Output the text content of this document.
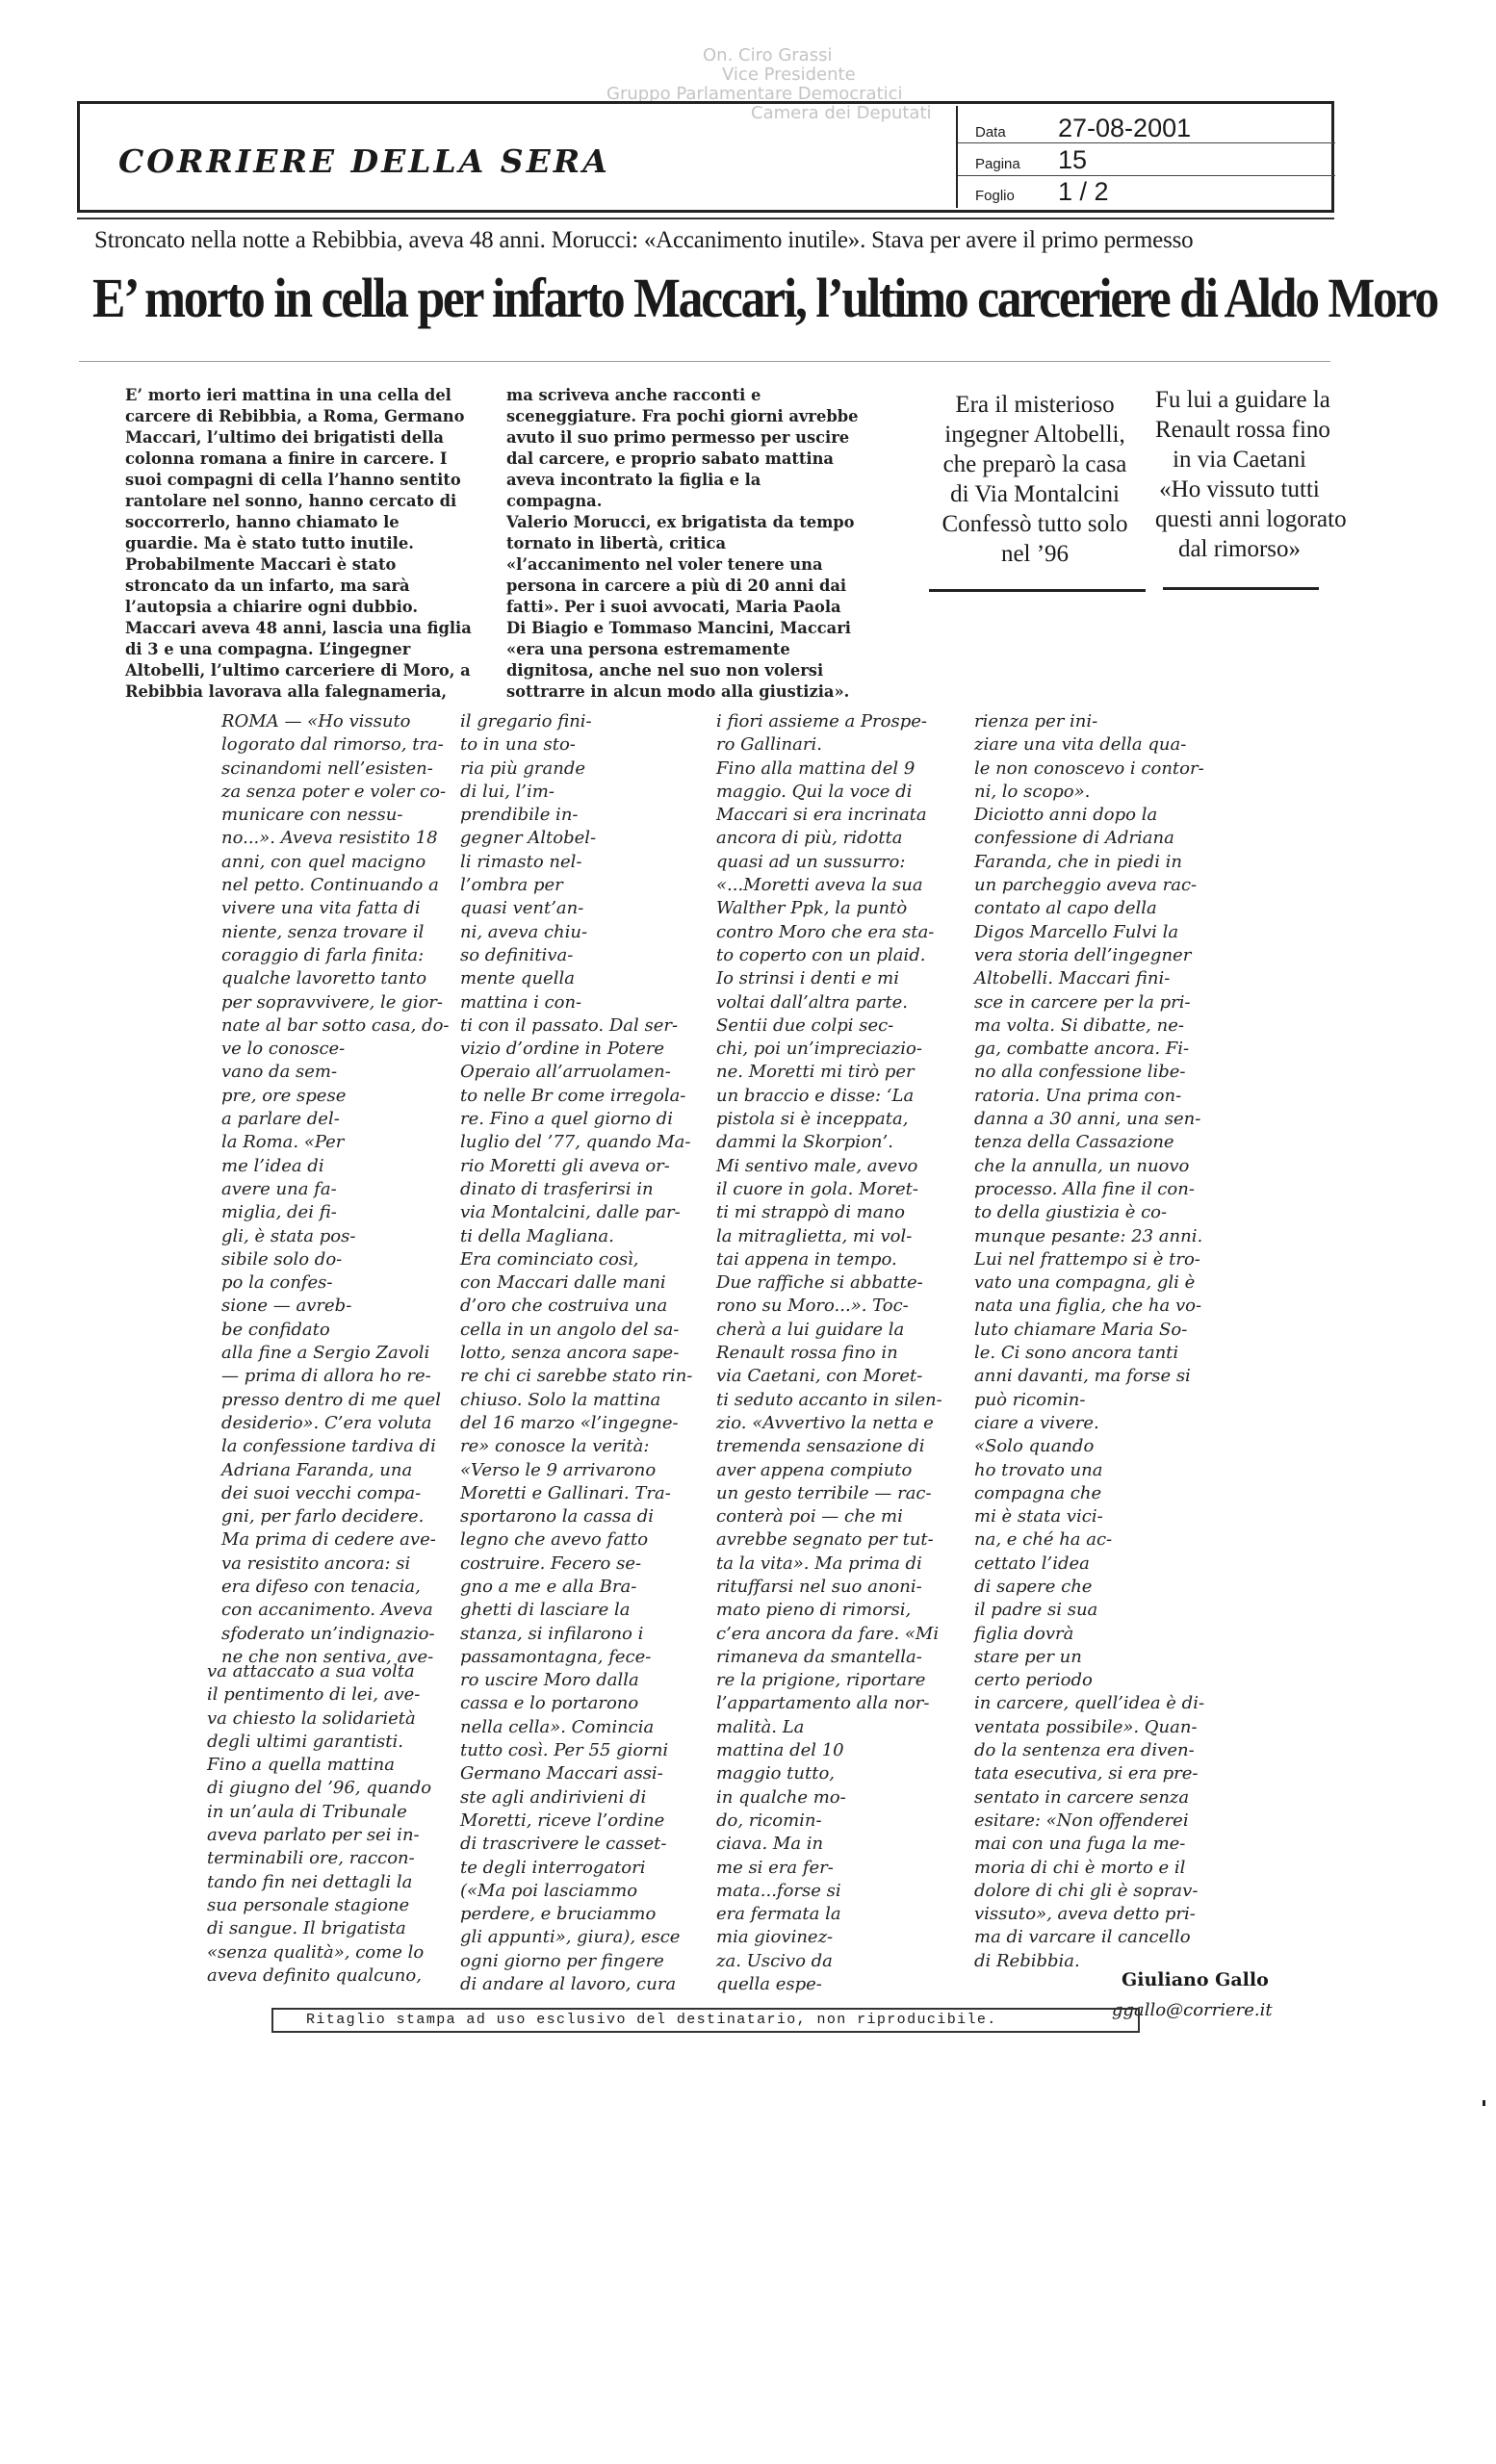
On. Ciro Grassi
Vice Presidente
Gruppo Parlamentare Democratici
Camera dei Deputati
CORRIERE DELLA SERA
Data	27-08-2001
Pagina	15
Foglio	1 / 2
Stroncato nella notte a Rebibbia, aveva 48 anni. Morucci: «Accanimento inutile». Stava per avere il primo permesso
E’ morto in cella per infarto Maccari, l’ultimo carceriere di Aldo Moro
E’ morto ieri mattina in una cella del
carcere di Rebibbia, a Roma, Germano
Maccari, l’ultimo dei brigatisti della
colonna romana a finire in carcere. I
suoi compagni di cella l’hanno sentito
rantolare nel sonno, hanno cercato di
soccorrerlo, hanno chiamato le
guardie. Ma è stato tutto inutile.
Probabilmente Maccari è stato
stroncato da un infarto, ma sarà
l’autopsia a chiarire ogni dubbio.
Maccari aveva 48 anni, lascia una figlia
di 3 e una compagna. L’ingegner
Altobelli, l’ultimo carceriere di Moro, a
Rebibbia lavorava alla falegnameria,
ma scriveva anche racconti e
sceneggiature. Fra pochi giorni avrebbe
avuto il suo primo permesso per uscire
dal carcere, e proprio sabato mattina
aveva incontrato la figlia e la
compagna.
Valerio Morucci, ex brigatista da tempo
tornato in libertà, critica
«l’accanimento nel voler tenere una
persona in carcere a più di 20 anni dai
fatti». Per i suoi avvocati, Maria Paola
Di Biagio e Tommaso Mancini, Maccari
«era una persona estremamente
dignitosa, anche nel suo non volersi
sottrarre in alcun modo alla giustizia».
Era il misterioso
ingegner Altobelli,
che preparò la casa
di Via Montalcini
Confessò tutto solo
nel ’96
Fu lui a guidare la
Renault rossa fino
in via Caetani
«Ho vissuto tutti
questi anni logorato
dal rimorso»
ROMA — «Ho vissuto
logorato dal rimorso, tra-
scinandomi nell’esisten-
za senza poter e voler co-
municare con nessu-
no...». Aveva resistito 18
anni, con quel macigno
nel petto. Continuando a
vivere una vita fatta di
niente, senza trovare il
coraggio di farla finita:
qualche lavoretto tanto
per sopravvivere, le gior-
nate al bar sotto casa, do-
ve lo conosce-
vano da sem-
pre, ore spese
a parlare del-
la Roma. «Per
me l’idea di
avere una fa-
miglia, dei fi-
gli, è stata pos-
sibile solo do-
po la confes-
sione — avreb-
be confidato
alla fine a Sergio Zavoli
— prima di allora ho re-
presso dentro di me quel
desiderio». C’era voluta
la confessione tardiva di
Adriana Faranda, una
dei suoi vecchi compa-
gni, per farlo decidere.
Ma prima di cedere ave-
va resistito ancora: si
era difeso con tenacia,
con accanimento. Aveva
sfoderato un’indignazio-
ne che non sentiva, ave-
va attaccato a sua volta
il pentimento di lei, ave-
va chiesto la solidarietà
degli ultimi garantisti.
Fino a quella mattina
di giugno del ’96, quando
in un’aula di Tribunale
aveva parlato per sei in-
terminabili ore, raccon-
tando fin nei dettagli la
sua personale stagione
di sangue. Il brigatista
«senza qualità», come lo
aveva definito qualcuno,
il gregario fini-
to in una sto-
ria più grande
di lui, l’im-
prendibile in-
gegner Altobel-
li rimasto nel-
l’ombra per
quasi vent’an-
ni, aveva chiu-
so definitiva-
mente quella
mattina i con-
ti con il passato. Dal ser-
vizio d’ordine in Potere
Operaio all’arruolamen-
to nelle Br come irregola-
re. Fino a quel giorno di
luglio del ’77, quando Ma-
rio Moretti gli aveva or-
dinato di trasferirsi in
via Montalcini, dalle par-
ti della Magliana.
Era cominciato così,
con Maccari dalle mani
d’oro che costruiva una
cella in un angolo del sa-
lotto, senza ancora sape-
re chi ci sarebbe stato rin-
chiuso. Solo la mattina
del 16 marzo «l’ingegne-
re» conosce la verità:
«Verso le 9 arrivarono
Moretti e Gallinari. Tra-
sportarono la cassa di
legno che avevo fatto
costruire. Fecero se-
gno a me e alla Bra-
ghetti di lasciare la
stanza, si infilarono i
passamontagna, fece-
ro uscire Moro dalla
cassa e lo portarono
nella cella». Comincia
tutto così. Per 55 giorni
Germano Maccari assi-
ste agli andirivieni di
Moretti, riceve l’ordine
di trascrivere le casset-
te degli interrogatori
(«Ma poi lasciammo
perdere, e bruciammo
gli appunti», giura), esce
ogni giorno per fingere
di andare al lavoro, cura
i fiori assieme a Prospe-
ro Gallinari.
Fino alla mattina del 9
maggio. Qui la voce di
Maccari si era incrinata
ancora di più, ridotta
quasi ad un sussurro:
«...Moretti aveva la sua
Walther Ppk, la puntò
contro Moro che era sta-
to coperto con un plaid.
Io strinsi i denti e mi
voltai dall’altra parte.
Sentii due colpi sec-
chi, poi un’impreciazio-
ne. Moretti mi tirò per
un braccio e disse: ‘La
pistola si è inceppata,
dammi la Skorpion’.
Mi sentivo male, avevo
il cuore in gola. Moret-
ti mi strappò di mano
la mitraglietta, mi vol-
tai appena in tempo.
Due raffiche si abbatte-
rono su Moro...». Toc-
cherà a lui guidare la
Renault rossa fino in
via Caetani, con Moret-
ti seduto accanto in silen-
zio. «Avvertivo la netta e
tremenda sensazione di
aver appena compiuto
un gesto terribile — rac-
conterà poi — che mi
avrebbe segnato per tut-
ta la vita». Ma prima di
rituffarsi nel suo anoni-
mato pieno di rimorsi,
c’era ancora da fare. «Mi
rimaneva da smantella-
re la prigione, riportare
l’appartamento alla nor-
malità. La
mattina del 10
maggio tutto,
in qualche mo-
do, ricomin-
ciava. Ma in
me si era fer-
mata...forse si
era fermata la
mia giovinez-
za. Uscivo da
quella espe-
rienza per ini-
ziare una vita della qua-
le non conoscevo i contor-
ni, lo scopo».
Diciotto anni dopo la
confessione di Adriana
Faranda, che in piedi in
un parcheggio aveva rac-
contato al capo della
Digos Marcello Fulvi la
vera storia dell’ingegner
Altobelli. Maccari fini-
sce in carcere per la pri-
ma volta. Si dibatte, ne-
ga, combatte ancora. Fi-
no alla confessione libe-
ratoria. Una prima con-
danna a 30 anni, una sen-
tenza della Cassazione
che la annulla, un nuovo
processo. Alla fine il con-
to della giustizia è co-
munque pesante: 23 anni.
Lui nel frattempo si è tro-
vato una compagna, gli è
nata una figlia, che ha vo-
luto chiamare Maria So-
le. Ci sono ancora tanti
anni davanti, ma forse si
può ricomin-
ciare a vivere.
«Solo quando
ho trovato una
compagna che
mi è stata vici-
na, e ché ha ac-
cettato l’idea
di sapere che
il padre si sua
figlia dovrà
stare per un
certo periodo
in carcere, quell’idea è di-
ventata possibile». Quan-
do la sentenza era diven-
tata esecutiva, si era pre-
sentato in carcere senza
esitare: «Non offenderei
mai con una fuga la me-
moria di chi è morto e il
dolore di chi gli è soprav-
vissuto», aveva detto pri-
ma di varcare il cancello
di Rebibbia.
Giuliano Gallo
ggallo@corriere.it
Ritaglio stampa ad uso esclusivo del destinatario, non riproducibile.
